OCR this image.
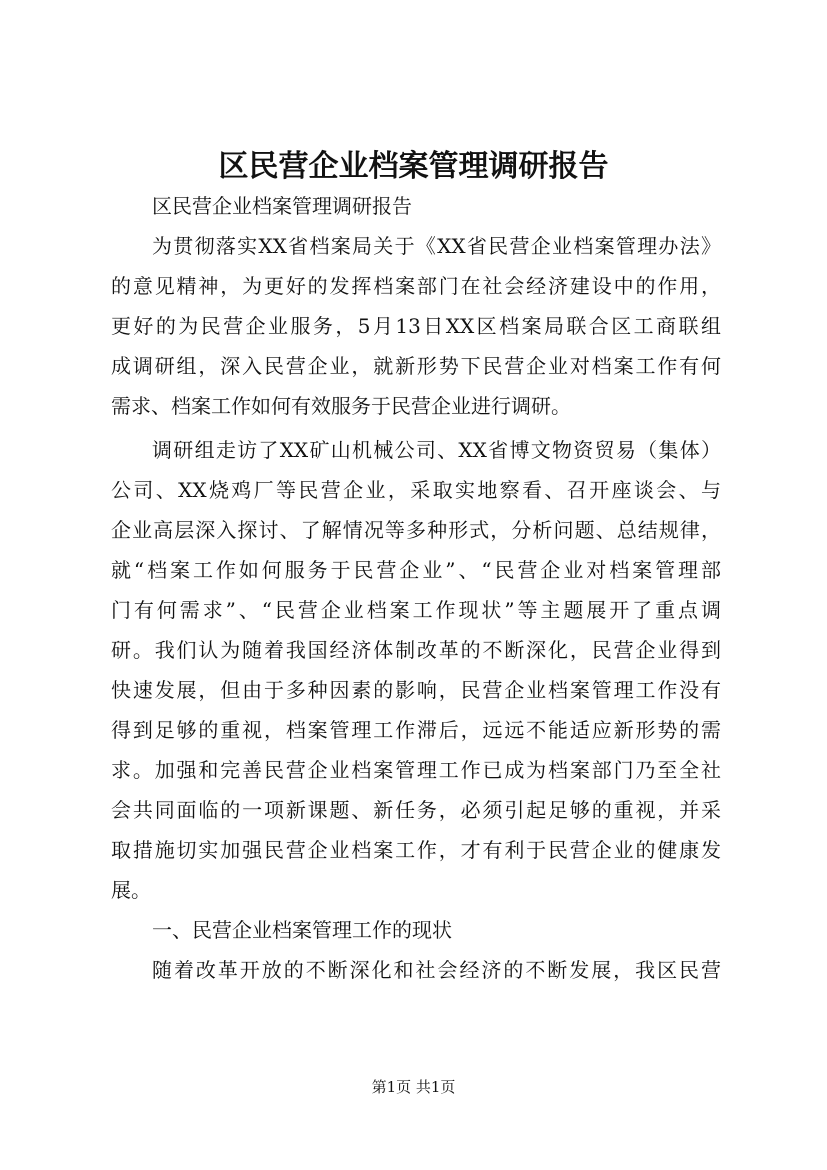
区民营企业档案管理调研报告
区民营企业档案管理调研报告
为贯彻落实XX省档案局关于《XX省民营企业档案管理办法》
的意见精神，为更好的发挥档案部门在社会经济建设中的作用，
更好的为民营企业服务，5月13日XX区档案局联合区工商联组
成调研组，深入民营企业，就新形势下民营企业对档案工作有何
需求、档案工作如何有效服务于民营企业进行调研。
调研组走访了XX矿山机械公司、XX省博文物资贸易（集体）
公司、XX烧鸡厂等民营企业，采取实地察看、召开座谈会、与
企业高层深入探讨、了解情况等多种形式，分析问题、总结规律，
就“档案工作如何服务于民营企业”、“民营企业对档案管理部
门有何需求”、“民营企业档案工作现状”等主题展开了重点调
研。我们认为随着我国经济体制改革的不断深化，民营企业得到
快速发展，但由于多种因素的影响，民营企业档案管理工作没有
得到足够的重视，档案管理工作滞后，远远不能适应新形势的需
求。加强和完善民营企业档案管理工作已成为档案部门乃至全社
会共同面临的一项新课题、新任务，必须引起足够的重视，并采
取措施切实加强民营企业档案工作，才有利于民营企业的健康发
展。
一、民营企业档案管理工作的现状
随着改革开放的不断深化和社会经济的不断发展，我区民营
第1页 共1页
